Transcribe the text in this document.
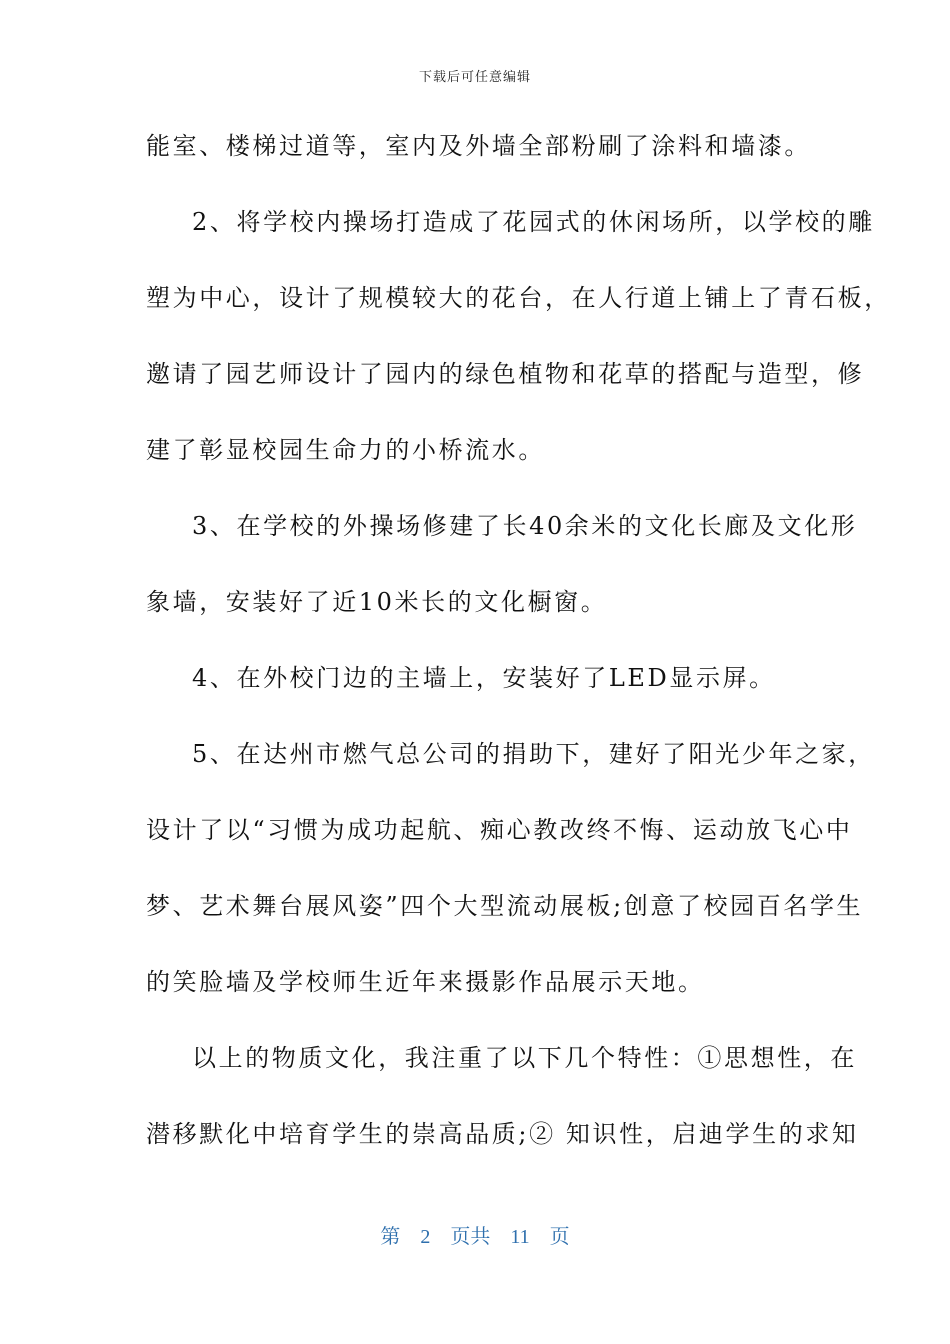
下载后可任意编辑
能室、楼梯过道等，室内及外墙全部粉刷了涂料和墙漆。
2、将学校内操场打造成了花园式的休闲场所，以学校的雕
塑为中心，设计了规模较大的花台，在人行道上铺上了青石板，
邀请了园艺师设计了园内的绿色植物和花草的搭配与造型，修
建了彰显校园生命力的小桥流水。
3、在学校的外操场修建了长40余米的文化长廊及文化形
象墙，安装好了近10米长的文化橱窗。
4、在外校门边的主墙上，安装好了LED显示屏。
5、在达州市燃气总公司的捐助下，建好了阳光少年之家，
设计了以“习惯为成功起航、痴心教改终不悔、运动放飞心中
梦、艺术舞台展风姿”四个大型流动展板;创意了校园百名学生
的笑脸墙及学校师生近年来摄影作品展示天地。
以上的物质文化，我注重了以下几个特性：①思想性，在
潜移默化中培育学生的崇高品质;② 知识性，启迪学生的求知
第 2 页共 11 页
